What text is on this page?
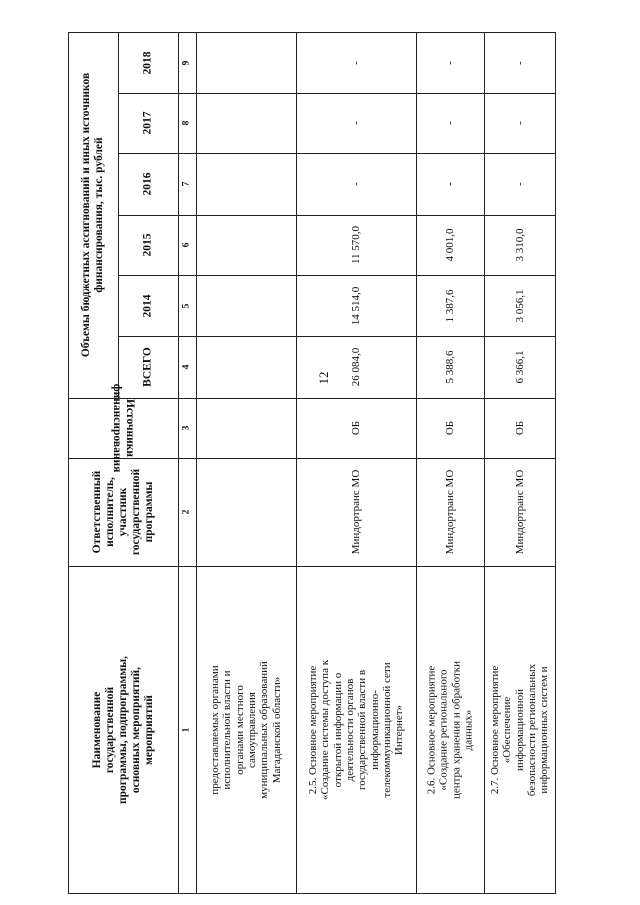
12
Наименование
государственной
программы, подпрограммы,
основных мероприятий,
мероприятий
Ответственный
исполнитель,
участник
государственной
программы
Источники
финансирования
Объемы бюджетных ассигнований и иных источников
финансирования, тыс. рублей
ВСЕГО
2014
2015
2016
2017
2018
1
2
3
4
5
6
7
8
9
предоставляемых органами
исполнительной власти и
органами местного
самоуправления
муниципальных образований
Магаданской области»
2.5. Основное мероприятие
«Создание системы доступа к
открытой информации о
деятельности органов
государственной власти в
информационно-
телекоммуникационной сети
Интернет»
Миндортранс МО
ОБ
26 084,0
14 514,0
11 570,0
-
-
-
2.6. Основное мероприятие
«Создание регионального
центра хранения и обработки
данных»
Миндортранс МО
ОБ
5 388,6
1 387,6
4 001,0
-
-
-
2.7. Основное мероприятие
«Обеспечение
информационной
безопасности региональных
информационных систем и
Миндортранс МО
ОБ
6 366,1
3 056,1
3 310,0
-
-
-
